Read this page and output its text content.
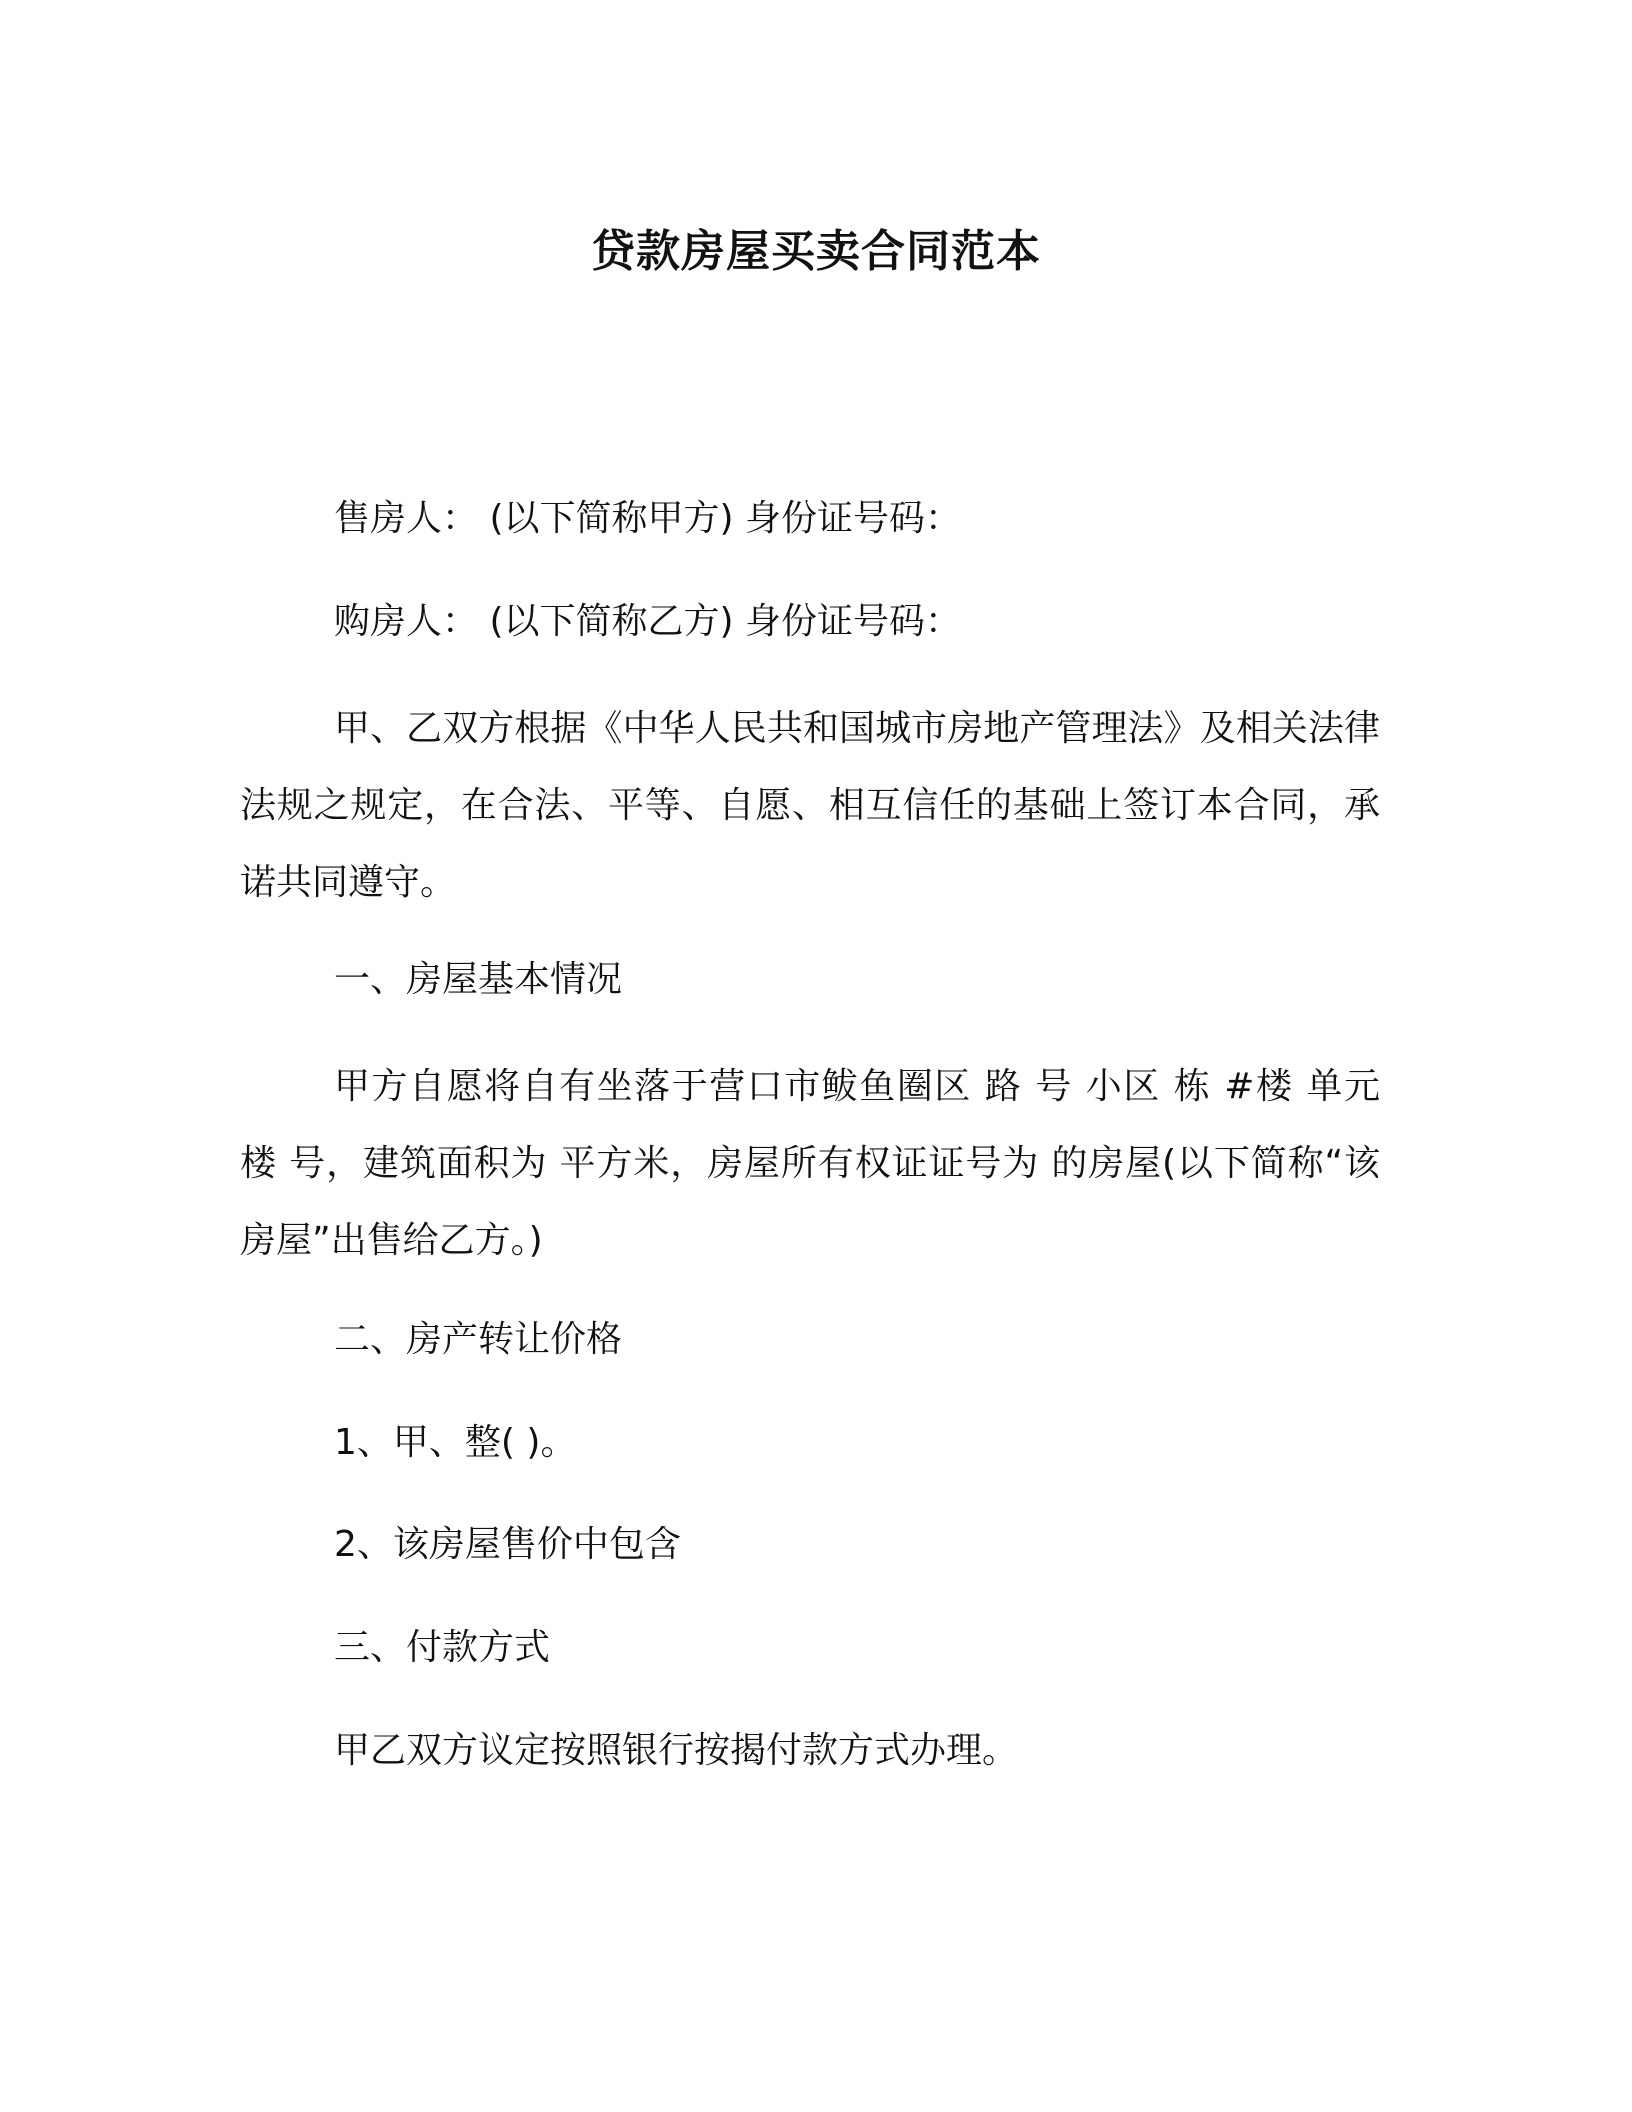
贷款房屋买卖合同范本
售房人： (以下简称甲方) 身份证号码：
购房人： (以下简称乙方) 身份证号码：
甲、乙双方根据《中华人民共和国城市房地产管理法》及相关法律法规之规定，在合法、平等、自愿、相互信任的基础上签订本合同，承诺共同遵守。
一、房屋基本情况
甲方自愿将自有坐落于营口市鲅鱼圈区 路 号 小区 栋 #楼 单元 楼 号，建筑面积为 平方米，房屋所有权证证号为 的房屋(以下简称“该房屋”出售给乙方。)
二、房产转让价格
1、甲、整( )。
2、该房屋售价中包含
三、付款方式
甲乙双方议定按照银行按揭付款方式办理。
